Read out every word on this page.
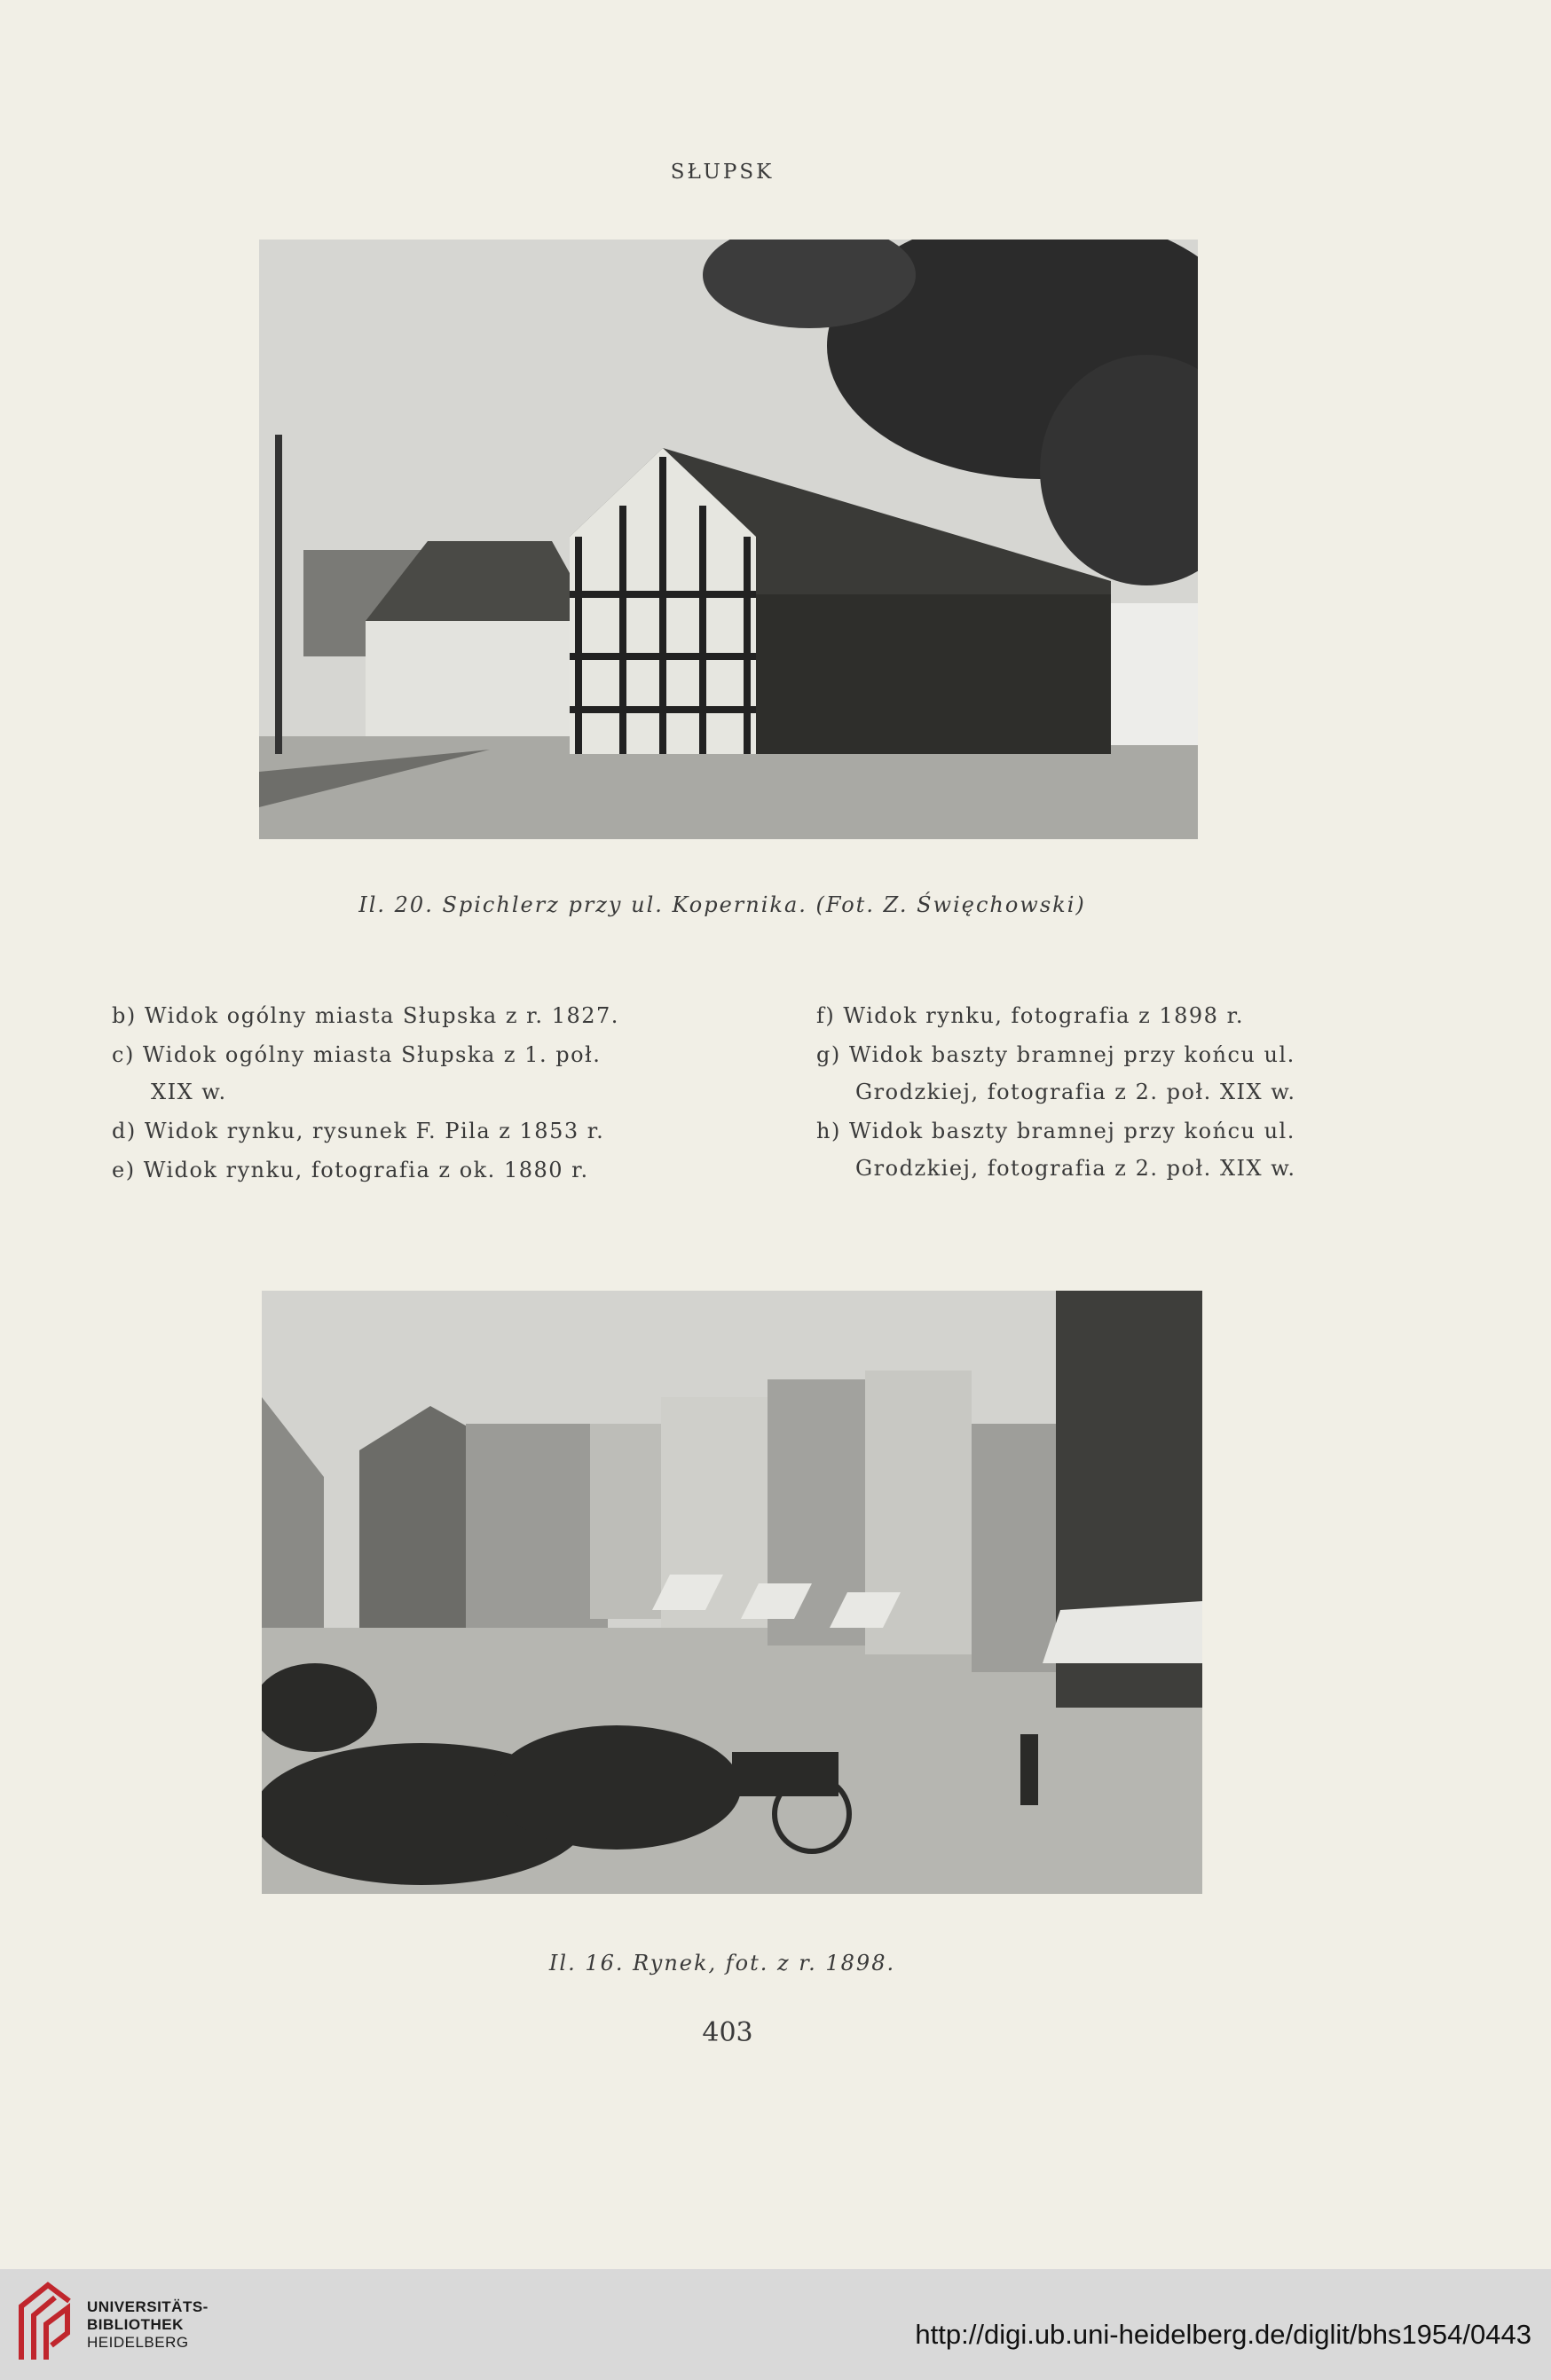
SŁUPSK
Il. 20. Spichlerz przy ul. Kopernika. (Fot. Z. Święchowski)
b) Widok ogólny miasta Słupska z r. 1827.
c) Widok ogólny miasta Słupska z 1. poł.
XIX w.
d) Widok rynku, rysunek F. Pila z 1853 r.
e) Widok rynku, fotografia z ok. 1880 r.
f) Widok rynku, fotografia z 1898 r.
g) Widok baszty bramnej przy końcu ul.
Grodzkiej, fotografia z 2. poł. XIX w.
h) Widok baszty bramnej przy końcu ul.
Grodzkiej, fotografia z 2. poł. XIX w.
Il. 16. Rynek, fot. z r. 1898.
403
UNIVERSITÄTS-
BIBLIOTHEK
HEIDELBERG	http://digi.ub.uni-heidelberg.de/diglit/bhs1954/0443
